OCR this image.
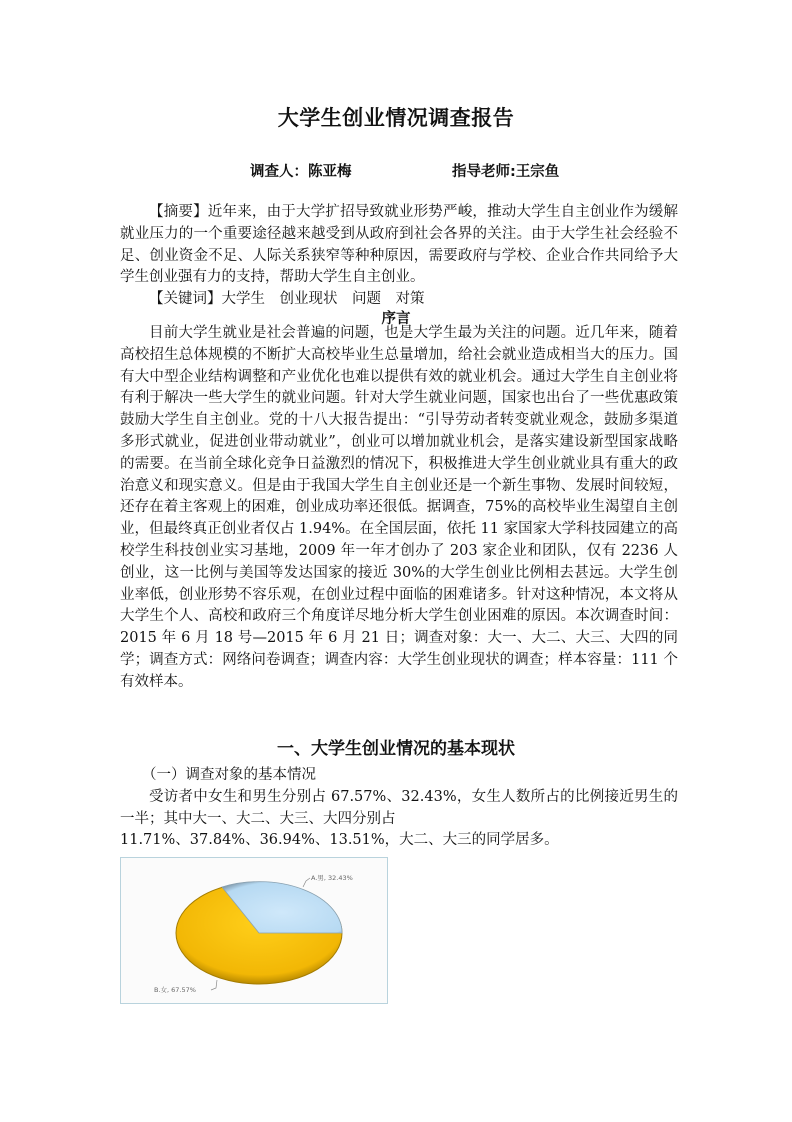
大学生创业情况调查报告
调查人：陈亚梅	指导老师:王宗鱼

【摘要】近年来，由于大学扩招导致就业形势严峻，推动大学生自主创业作为缓解就业压力的一个重要途径越来越受到从政府到社会各界的关注。由于大学生社会经验不足、创业资金不足、人际关系狭窄等种种原因，需要政府与学校、企业合作共同给予大学生创业强有力的支持，帮助大学生自主创业。

【关键词】大学生　创业现状　问题　对策

序言

目前大学生就业是社会普遍的问题，也是大学生最为关注的问题。近几年来，随着高校招生总体规模的不断扩大高校毕业生总量增加，给社会就业造成相当大的压力。国有大中型企业结构调整和产业优化也难以提供有效的就业机会。通过大学生自主创业将有利于解决一些大学生的就业问题。针对大学生就业问题，国家也出台了一些优惠政策鼓励大学生自主创业。党的十八大报告提出：“引导劳动者转变就业观念，鼓励多渠道多形式就业，促进创业带动就业”，创业可以增加就业机会，是落实建设新型国家战略的需要。在当前全球化竞争日益激烈的情况下，积极推进大学生创业就业具有重大的政治意义和现实意义。但是由于我国大学生自主创业还是一个新生事物、发展时间较短，还存在着主客观上的困难，创业成功率还很低。据调查，75%的高校毕业生渴望自主创业，但最终真正创业者仅占 1.94%。在全国层面，依托 11 家国家大学科技园建立的高校学生科技创业实习基地，2009 年一年才创办了 203 家企业和团队，仅有 2236 人创业，这一比例与美国等发达国家的接近 30%的大学生创业比例相去甚远。大学生创业率低，创业形势不容乐观，在创业过程中面临的困难诸多。针对这种情况，本文将从大学生个人、高校和政府三个角度详尽地分析大学生创业困难的原因。本次调查时间：2015 年 6 月 18 号—2015 年 6 月 21 日；调查对象：大一、大二、大三、大四的同学；调查方式：网络问卷调查；调查内容：大学生创业现状的调查；样本容量：111 个有效样本。

一、大学生创业情况的基本现状

（一）调查对象的基本情况

受访者中女生和男生分别占 67.57%、32.43%，女生人数所占的比例接近男生的一半；其中大一、大二、大三、大四分别占

11.71%、37.84%、36.94%、13.51%，大二、大三的同学居多。

A.男, 32.43%
B.女, 67.57%
